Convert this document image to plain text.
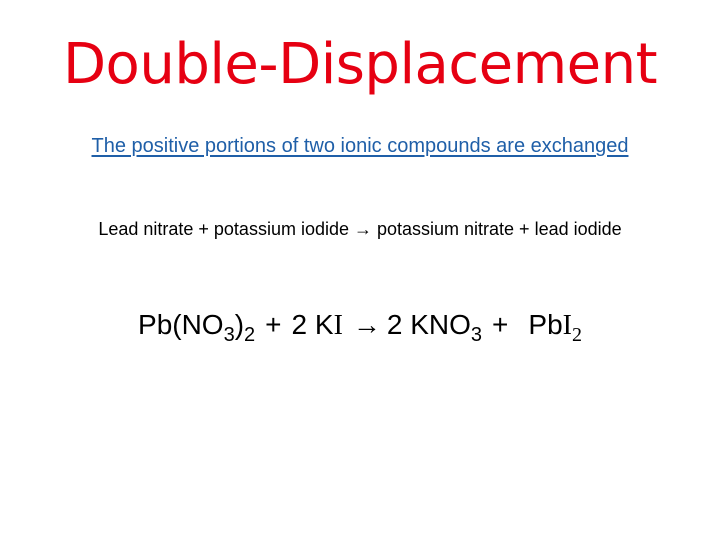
Double-Displacement
The positive portions of two ionic compounds are exchanged
Lead nitrate + potassium iodide → potassium nitrate + lead iodide
$Pb(NO_3)_2 + 2$ KI → 2 $KNO_3 + PbI_2$
